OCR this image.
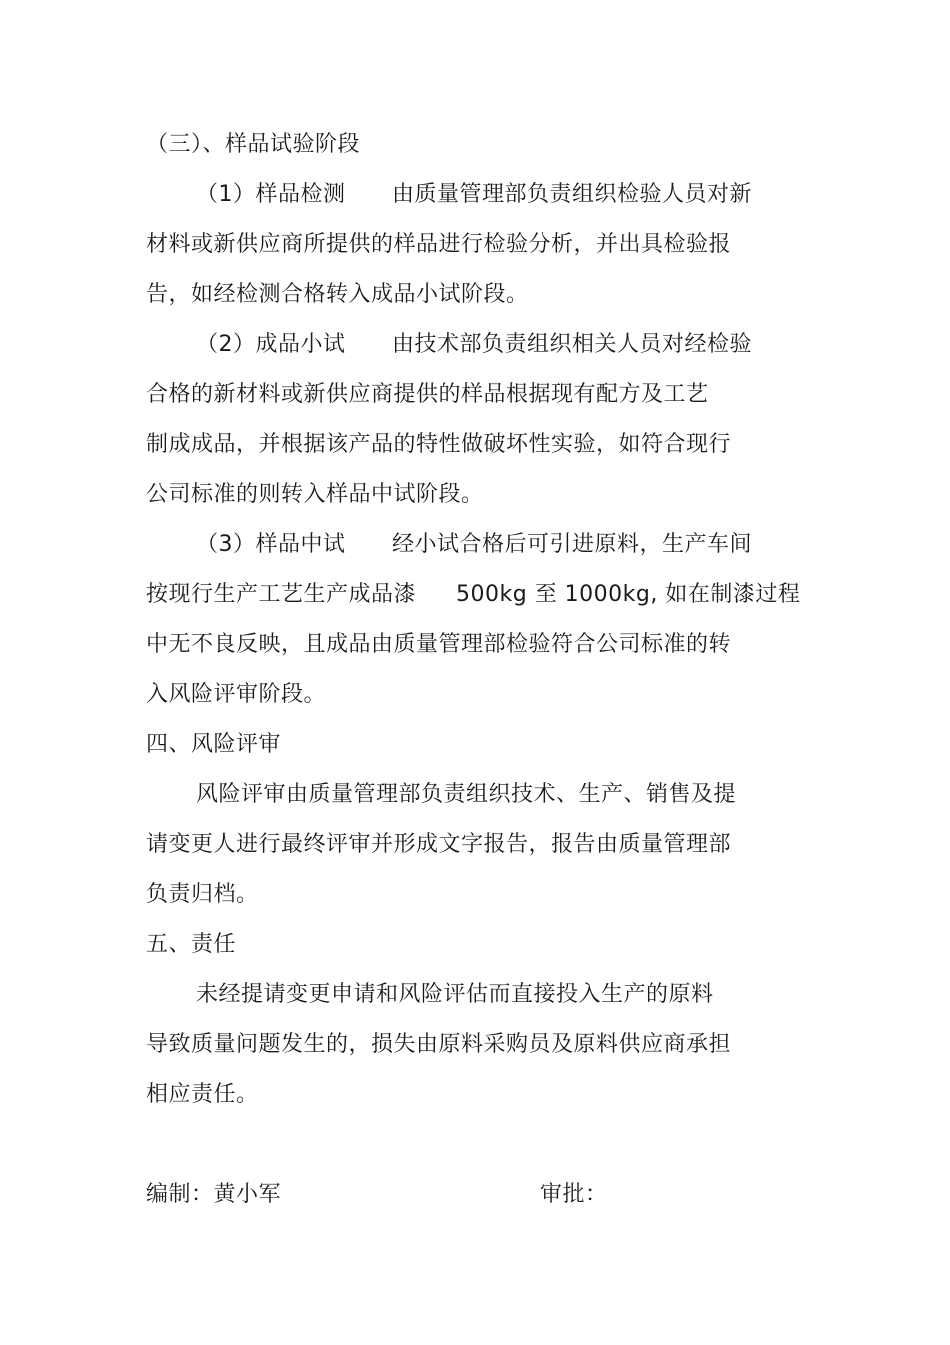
（三）、样品试验阶段
（1）样品检测 由质量管理部负责组织检验人员对新
材料或新供应商所提供的样品进行检验分析，并出具检验报
告，如经检测合格转入成品小试阶段。
（2）成品小试 由技术部负责组织相关人员对经检验
合格的新材料或新供应商提供的样品根据现有配方及工艺
制成成品，并根据该产品的特性做破坏性实验，如符合现行
公司标准的则转入样品中试阶段。
（3）样品中试 经小试合格后可引进原料，生产车间
按现行生产工艺生产成品漆 500kg 至 1000kg, 如在制漆过程
中无不良反映，且成品由质量管理部检验符合公司标准的转
入风险评审阶段。
四、风险评审
风险评审由质量管理部负责组织技术、生产、销售及提
请变更人进行最终评审并形成文字报告，报告由质量管理部
负责归档。
五、责任
未经提请变更申请和风险评估而直接投入生产的原料
导致质量问题发生的，损失由原料采购员及原料供应商承担
相应责任。
编制：黄小军	审批：
